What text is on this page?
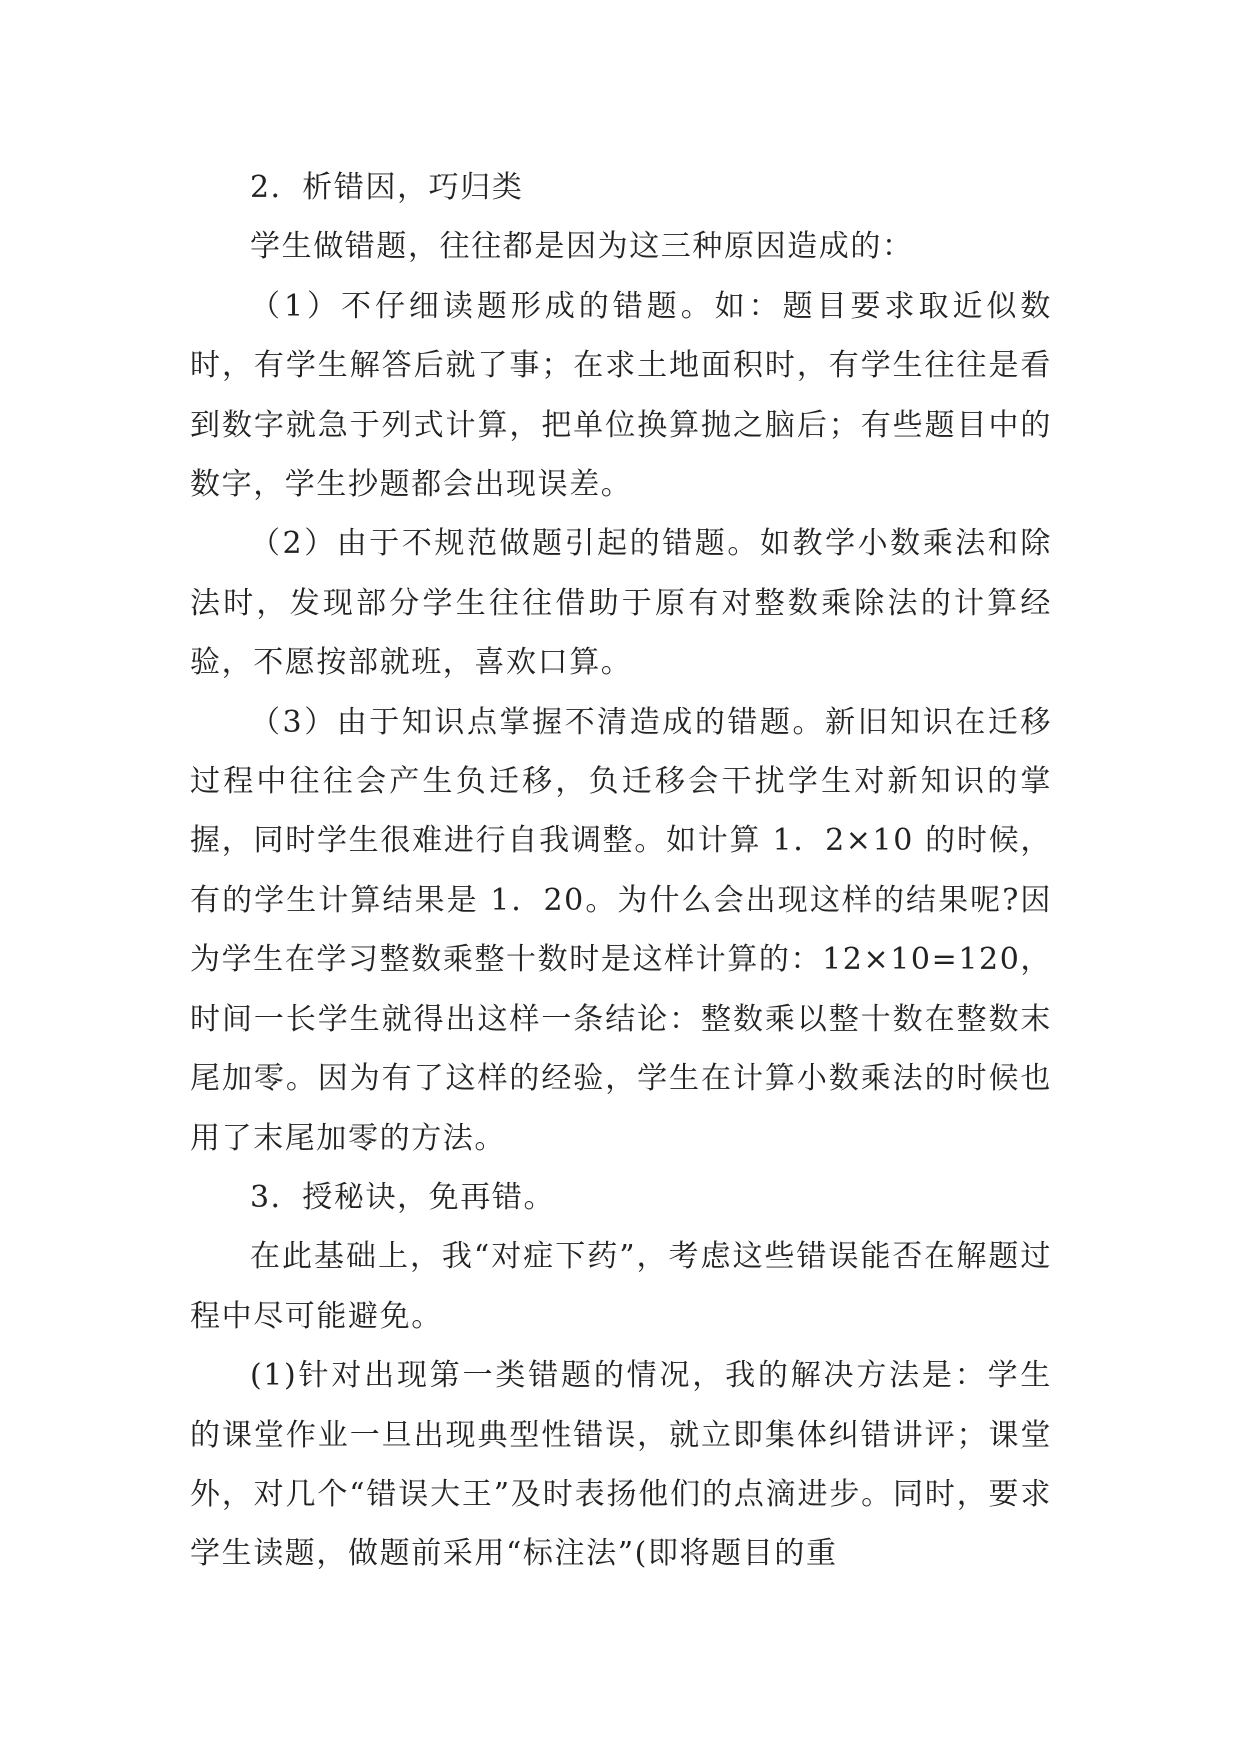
2．析错因，巧归类

学生做错题，往往都是因为这三种原因造成的：

（1）不仔细读题形成的错题。如：题目要求取近似数时，有学生解答后就了事；在求土地面积时，有学生往往是看到数字就急于列式计算，把单位换算抛之脑后；有些题目中的数字，学生抄题都会出现误差。

（2）由于不规范做题引起的错题。如教学小数乘法和除法时，发现部分学生往往借助于原有对整数乘除法的计算经验，不愿按部就班，喜欢口算。

（3）由于知识点掌握不清造成的错题。新旧知识在迁移过程中往往会产生负迁移，负迁移会干扰学生对新知识的掌握，同时学生很难进行自我调整。如计算 1．2×10 的时候，有的学生计算结果是 1．20。为什么会出现这样的结果呢?因为学生在学习整数乘整十数时是这样计算的：12×10=120，时间一长学生就得出这样一条结论：整数乘以整十数在整数末尾加零。因为有了这样的经验，学生在计算小数乘法的时候也用了末尾加零的方法。

3．授秘诀，免再错。

在此基础上，我“对症下药”，考虑这些错误能否在解题过程中尽可能避免。

(1)针对出现第一类错题的情况，我的解决方法是：学生的课堂作业一旦出现典型性错误，就立即集体纠错讲评；课堂外，对几个“错误大王”及时表扬他们的点滴进步。同时，要求学生读题，做题前采用“标注法”(即将题目的重
